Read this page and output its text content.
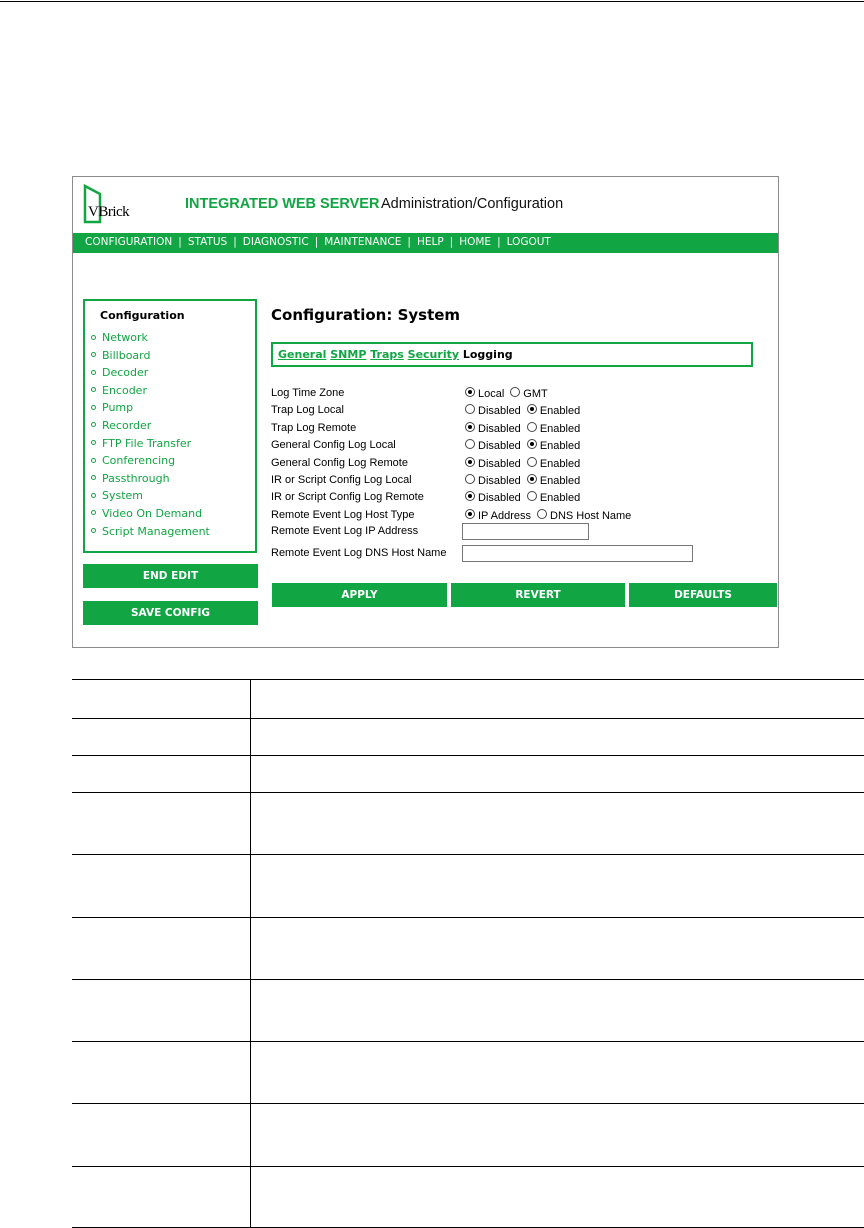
VBrick	INTEGRATED WEB SERVER Administration/Configuration
CONFIGURATION | STATUS | DIAGNOSTIC | MAINTENANCE | HELP | HOME | LOGOUT
Configuration
Network
Billboard
Decoder
Encoder
Pump
Recorder
FTP File Transfer
Conferencing
Passthrough
System
Video On Demand
Script Management
END EDIT
SAVE CONFIG
Configuration: System
General SNMP Traps Security Logging
Log Time Zone	Local GMT
Trap Log Local	Disabled Enabled
Trap Log Remote	Disabled Enabled
General Config Log Local	Disabled Enabled
General Config Log Remote	Disabled Enabled
IR or Script Config Log Local	Disabled Enabled
IR or Script Config Log Remote	Disabled Enabled
Remote Event Log Host Type	IP Address DNS Host Name
Remote Event Log IP Address
Remote Event Log DNS Host Name
APPLY	REVERT	DEFAULTS
